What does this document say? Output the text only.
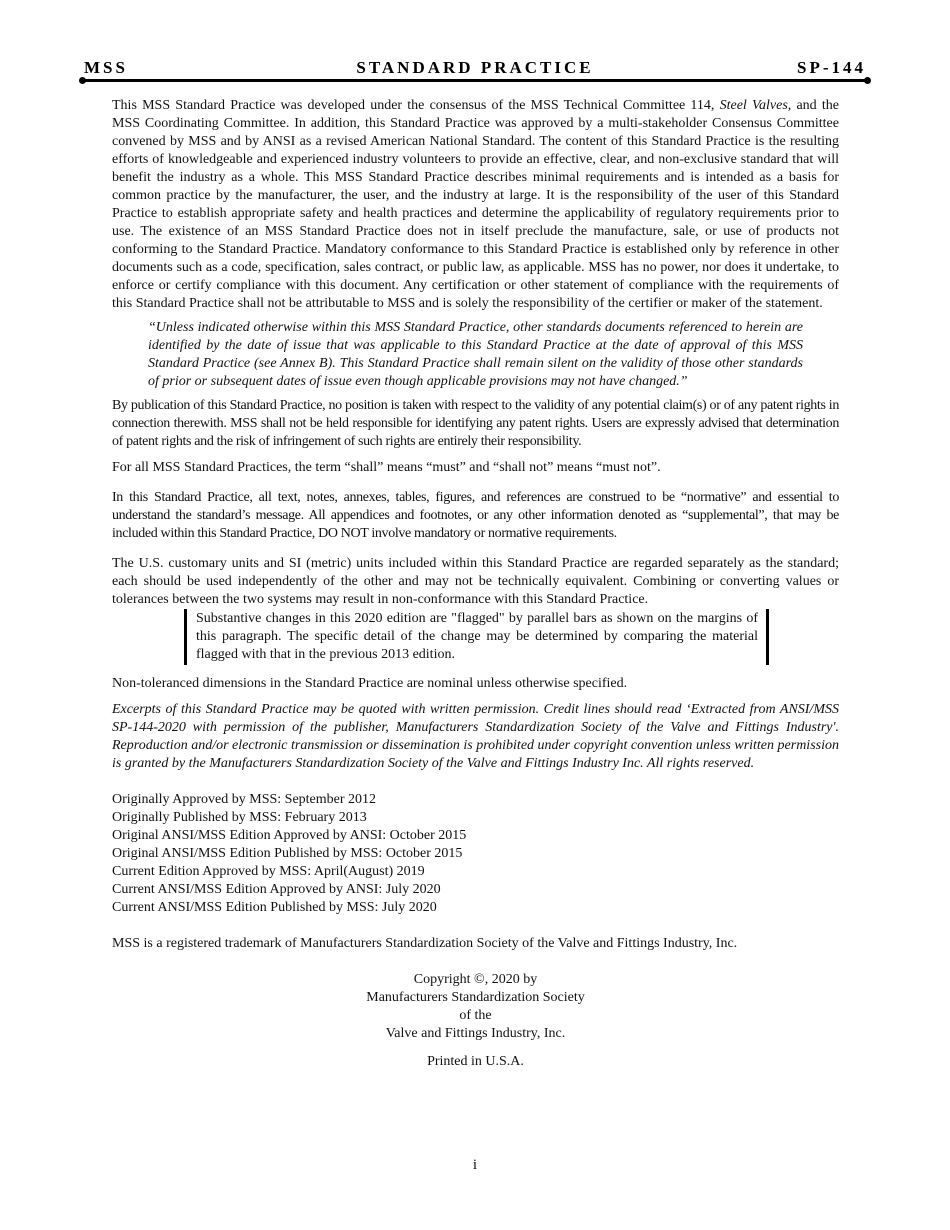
MSS	STANDARD PRACTICE	SP-144

This MSS Standard Practice was developed under the consensus of the MSS Technical Committee 114, Steel Valves, and the MSS Coordinating Committee. In addition, this Standard Practice was approved by a multi-stakeholder Consensus Committee convened by MSS and by ANSI as a revised American National Standard. The content of this Standard Practice is the resulting efforts of knowledgeable and experienced industry volunteers to provide an effective, clear, and non-exclusive standard that will benefit the industry as a whole. This MSS Standard Practice describes minimal requirements and is intended as a basis for common practice by the manufacturer, the user, and the industry at large. It is the responsibility of the user of this Standard Practice to establish appropriate safety and health practices and determine the applicability of regulatory requirements prior to use. The existence of an MSS Standard Practice does not in itself preclude the manufacture, sale, or use of products not conforming to the Standard Practice. Mandatory conformance to this Standard Practice is established only by reference in other documents such as a code, specification, sales contract, or public law, as applicable. MSS has no power, nor does it undertake, to enforce or certify compliance with this document. Any certification or other statement of compliance with the requirements of this Standard Practice shall not be attributable to MSS and is solely the responsibility of the certifier or maker of the statement.

“Unless indicated otherwise within this MSS Standard Practice, other standards documents referenced to herein are identified by the date of issue that was applicable to this Standard Practice at the date of approval of this MSS Standard Practice (see Annex B). This Standard Practice shall remain silent on the validity of those other standards of prior or subsequent dates of issue even though applicable provisions may not have changed.”

By publication of this Standard Practice, no position is taken with respect to the validity of any potential claim(s) or of any patent rights in connection therewith. MSS shall not be held responsible for identifying any patent rights. Users are expressly advised that determination of patent rights and the risk of infringement of such rights are entirely their responsibility.

For all MSS Standard Practices, the term “shall” means “must” and “shall not” means “must not”.

In this Standard Practice, all text, notes, annexes, tables, figures, and references are construed to be “normative” and essential to understand the standard’s message. All appendices and footnotes, or any other information denoted as “supplemental”, that may be included within this Standard Practice, DO NOT involve mandatory or normative requirements.

The U.S. customary units and SI (metric) units included within this Standard Practice are regarded separately as the standard; each should be used independently of the other and may not be technically equivalent. Combining or converting values or tolerances between the two systems may result in non-conformance with this Standard Practice.

Substantive changes in this 2020 edition are "flagged" by parallel bars as shown on the margins of this paragraph. The specific detail of the change may be determined by comparing the material flagged with that in the previous 2013 edition.

Non-toleranced dimensions in the Standard Practice are nominal unless otherwise specified.

Excerpts of this Standard Practice may be quoted with written permission. Credit lines should read ‘Extracted from ANSI/MSS SP-144-2020 with permission of the publisher, Manufacturers Standardization Society of the Valve and Fittings Industry'. Reproduction and/or electronic transmission or dissemination is prohibited under copyright convention unless written permission is granted by the Manufacturers Standardization Society of the Valve and Fittings Industry Inc. All rights reserved.

Originally Approved by MSS: September 2012
Originally Published by MSS: February 2013
Original ANSI/MSS Edition Approved by ANSI: October 2015
Original ANSI/MSS Edition Published by MSS: October 2015
Current Edition Approved by MSS: April(August) 2019
Current ANSI/MSS Edition Approved by ANSI: July 2020
Current ANSI/MSS Edition Published by MSS: July 2020

MSS is a registered trademark of Manufacturers Standardization Society of the Valve and Fittings Industry, Inc.

Copyright ©, 2020 by
Manufacturers Standardization Society
of the
Valve and Fittings Industry, Inc.
Printed in U.S.A.
i
